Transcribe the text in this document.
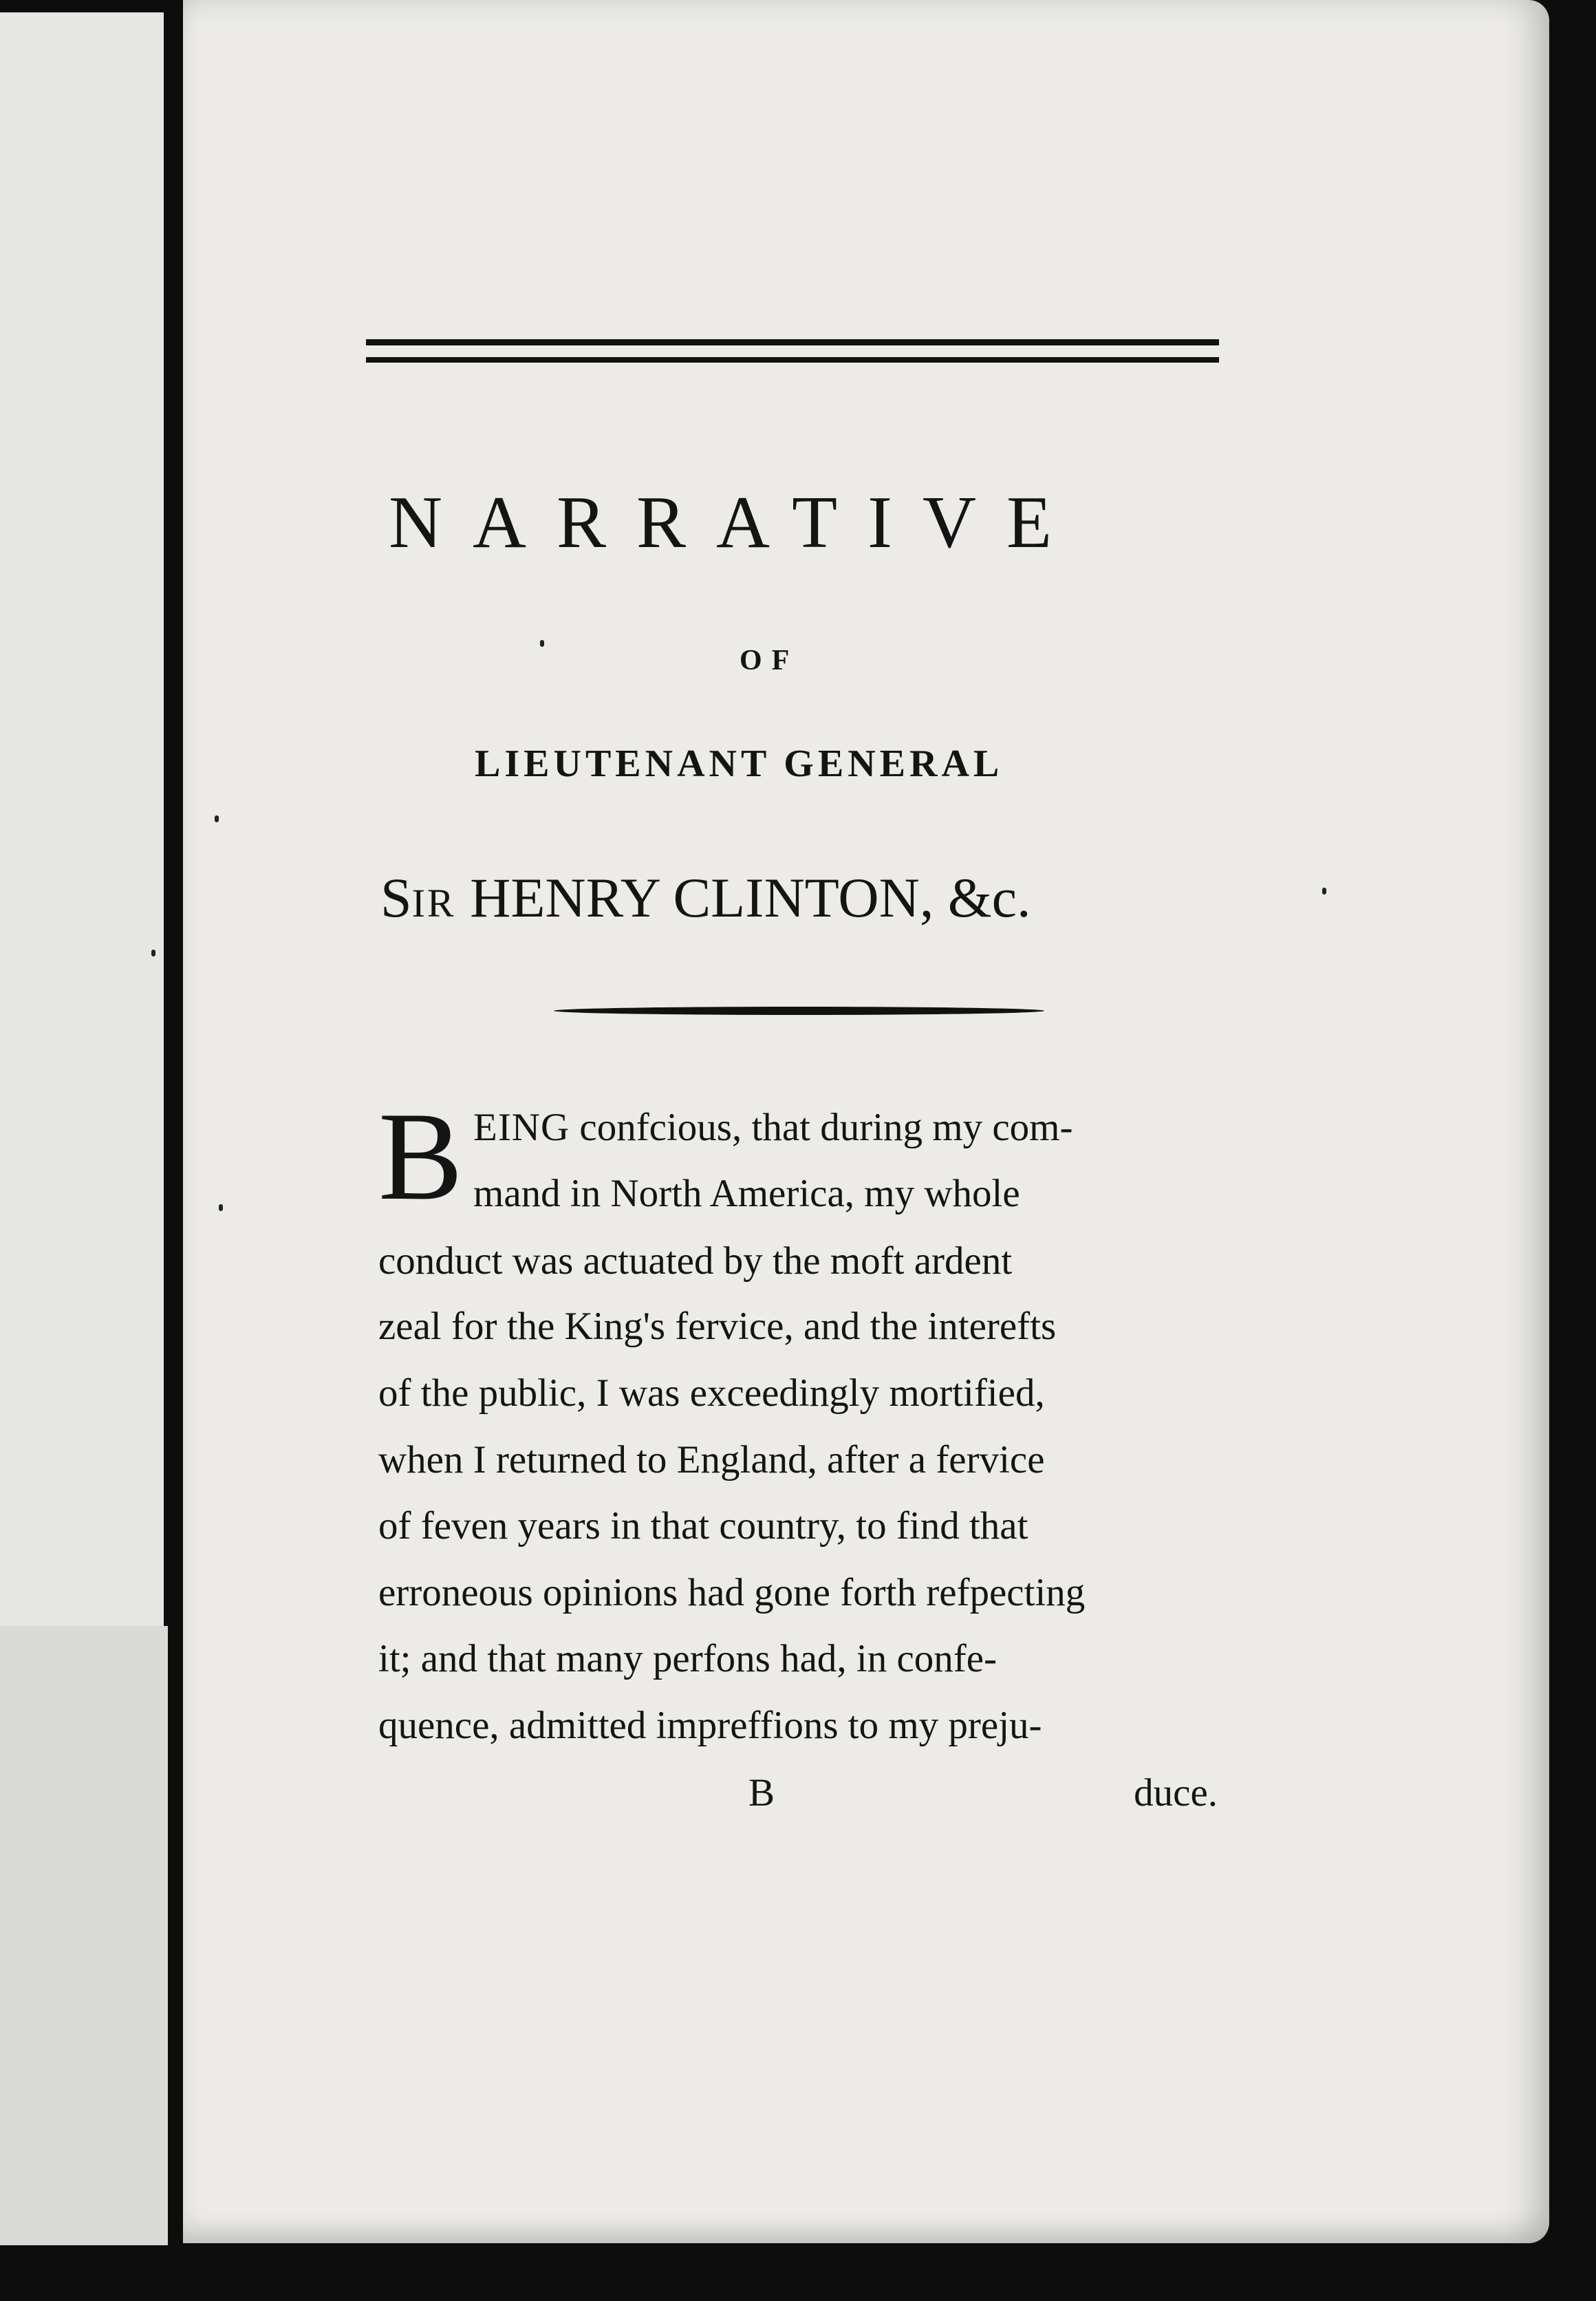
NARRATIVE
OF
LIEUTENANT GENERAL
SIR HENRY CLINTON, &c.
B EING confcious, that during my com-
mand in North America, my whole
conduct was actuated by the moft ardent
zeal for the King's fervice, and the interefts
of the public, I was exceedingly mortified,
when I returned to England, after a fervice
of feven years in that country, to find that
erroneous opinions had gone forth refpecting
it; and that many perfons had, in confe-
quence, admitted impreffions to my preju-
B	duce.
